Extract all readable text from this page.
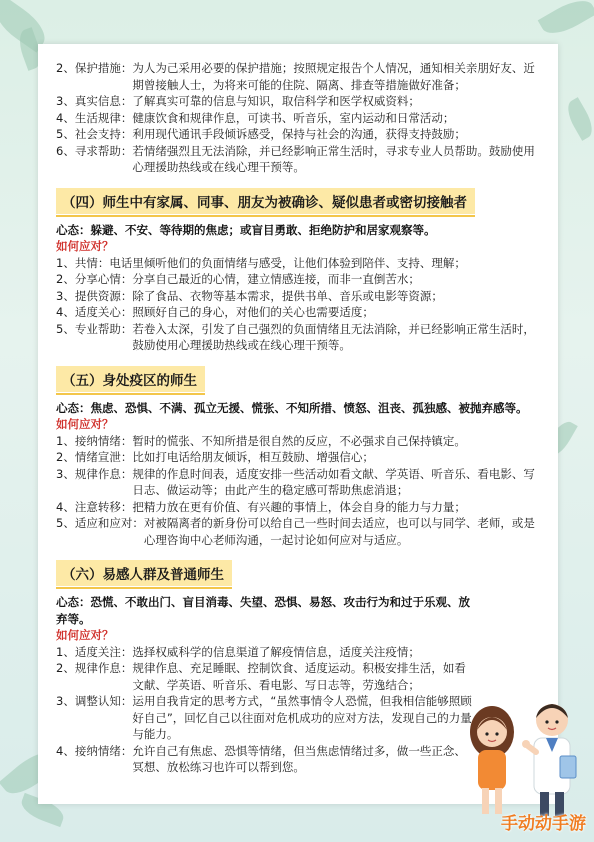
2、 保护措施： 为人为己采用必要的保护措施；按照规定报告个人情况，通知相关亲朋好友、近期曾接触人士，为将来可能的住院、隔离、排查等措施做好准备；
3、 真实信息： 了解真实可靠的信息与知识，取信科学和医学权威资料；
4、 生活规律： 健康饮食和规律作息，可读书、听音乐，室内运动和日常活动；
5、 社会支持： 利用现代通讯手段倾诉感受，保持与社会的沟通，获得支持鼓励；
6、 寻求帮助： 若情绪强烈且无法消除，并已经影响正常生活时，寻求专业人员帮助。鼓励使用心理援助热线或在线心理干预等。
（四）师生中有家属、同事、朋友为被确诊、疑似患者或密切接触者
心态：躲避、不安、等待期的焦虑；或盲目勇敢、拒绝防护和居家观察等。
如何应对？
1、 共情： 电话里倾听他们的负面情绪与感受，让他们体验到陪伴、支持、理解；
2、 分享心情： 分享自己最近的心情，建立情感连接，而非一直倒苦水；
3、 提供资源： 除了食品、衣物等基本需求，提供书单、音乐或电影等资源；
4、 适度关心： 照顾好自己的身心，对他们的关心也需要适度；
5、 专业帮助： 若卷入太深，引发了自己强烈的负面情绪且无法消除，并已经影响正常生活时，鼓励使用心理援助热线或在线心理干预等。
（五）身处疫区的师生
心态：焦虑、恐惧、不满、孤立无援、慌张、不知所措、愤怒、沮丧、孤独感、被抛弃感等。
如何应对？
1、 接纳情绪： 暂时的慌张、不知所措是很自然的反应，不必强求自己保持镇定。
2、 情绪宣泄： 比如打电话给朋友倾诉，相互鼓励、增强信心；
3、 规律作息： 规律的作息时间表，适度安排一些活动如看文献、学英语、听音乐、看电影、写日志、做运动等；由此产生的稳定感可帮助焦虑消退；
4、 注意转移： 把精力放在更有价值、有兴趣的事情上，体会自身的能力与力量；
5、 适应和应对： 对被隔离者的新身份可以给自己一些时间去适应，也可以与同学、老师，或是心理咨询中心老师沟通，一起讨论如何应对与适应。
（六）易感人群及普通师生
心态：恐慌、不敢出门、盲目消毒、失望、恐惧、易怒、攻击行为和过于乐观、放弃等。
如何应对？
1、 适度关注： 选择权威科学的信息渠道了解疫情信息，适度关注疫情；
2、 规律作息： 规律作息、充足睡眠、控制饮食、适度运动。积极安排生活，如看文献、学英语、听音乐、看电影、写日志等，劳逸结合；
3、 调整认知： 运用自我肯定的思考方式，“虽然事情令人恐慌，但我相信能够照顾好自己”，回忆自己以往面对危机成功的应对方法，发现自己的力量与能力。
4、 接纳情绪： 允许自己有焦虑、恐惧等情绪，但当焦虑情绪过多，做一些正念、冥想、放松练习也许可以帮到您。
手动动手游
